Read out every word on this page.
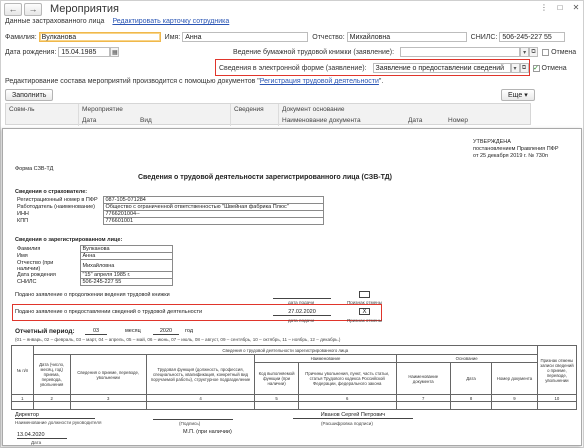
← → Мероприятия	⋮	□	✕
Данные застрахованного лица Редактировать карточку сотрудника
Фамилия: Вулканова	Имя: Анна	Отчество: Михайловна	СНИЛС: 506-245-227 55
Дата рождения: 15.04.1985	▦	Ведение бумажной трудовой книжки (заявление):	▾ ⧉	Отмена
Сведения в электронной форме (заявление):	Заявление о предоставлении сведений	▾ ⧉ ✓ Отмена
Редактирование состава мероприятий производится с помощью документов " Регистрация трудовой деятельности ".
Заполнить	Еще ▾
Совм-ль	Мероприятие
Дата	Вид
Сведения	Документ основание
Наименование документа	Дата	Номер
УТВЕРЖДЕНА
постановлением Правления ПФР
от 25 декабря 2019 г. № 730п
Форма СЗВ-ТД
Сведения о трудовой деятельности зарегистрированного лица (СЗВ-ТД)
Сведения о страхователе:
Регистрационный номер в ПФР	087-105-071284
Работодатель (наименование)	Общество с ограниченной ответственностью "Швейная фабрика Плюс"
ИНН	7766201004--
КПП	776601001
Сведения о зарегистрированном лице:
Фамилия	Вулканова
Имя	Анна
Отчество (при наличии)	Михайловна
Дата рождения	"15" апреля 1985 г.
СНИЛС	506-245-227 55
Подано заявление о продолжении ведения трудовой книжки
дата подачи	Признак отмены
Подано заявление о предоставлении сведений о трудовой деятельности	27.02.2020	X
дата подачи	Признак отмены
Отчетный период:	03	месяц	2020	год
(01 – январь, 02 – февраль, 03 – март, 04 – апрель, 05 – май, 06 – июнь, 07 – июль, 08 – август, 09 – сентябрь, 10 – октябрь, 11 – ноябрь, 12 – декабрь.)
№ п/п	Сведения о трудовой деятельности зарегистрированного лица								Признак отмены записи сведений о приеме, переводе, увольнении
	Дата (число, месяц, год) приема, перевода, увольнения	Сведения о приеме, переводе, увольнении	Трудовая функция (должность, профессия, специальность, квалификация, конкретный вид поручаемой работы), структурное подразделение	Наименование		Основание			
				Код выполняемой функции (при наличии)	Причины увольнения, пункт, часть статьи, статья Трудового кодекса Российской Федерации, федерального закона	Наименование документа	Дата	Номер документа	
1	2	3	4	5	6	7	8	9	10

Директор
Наименование должности руководителя	(Подпись)
Иванов Сергей Петрович
(Расшифровка подписи)
М.П. (при наличии)
13.04.2020
Дата
